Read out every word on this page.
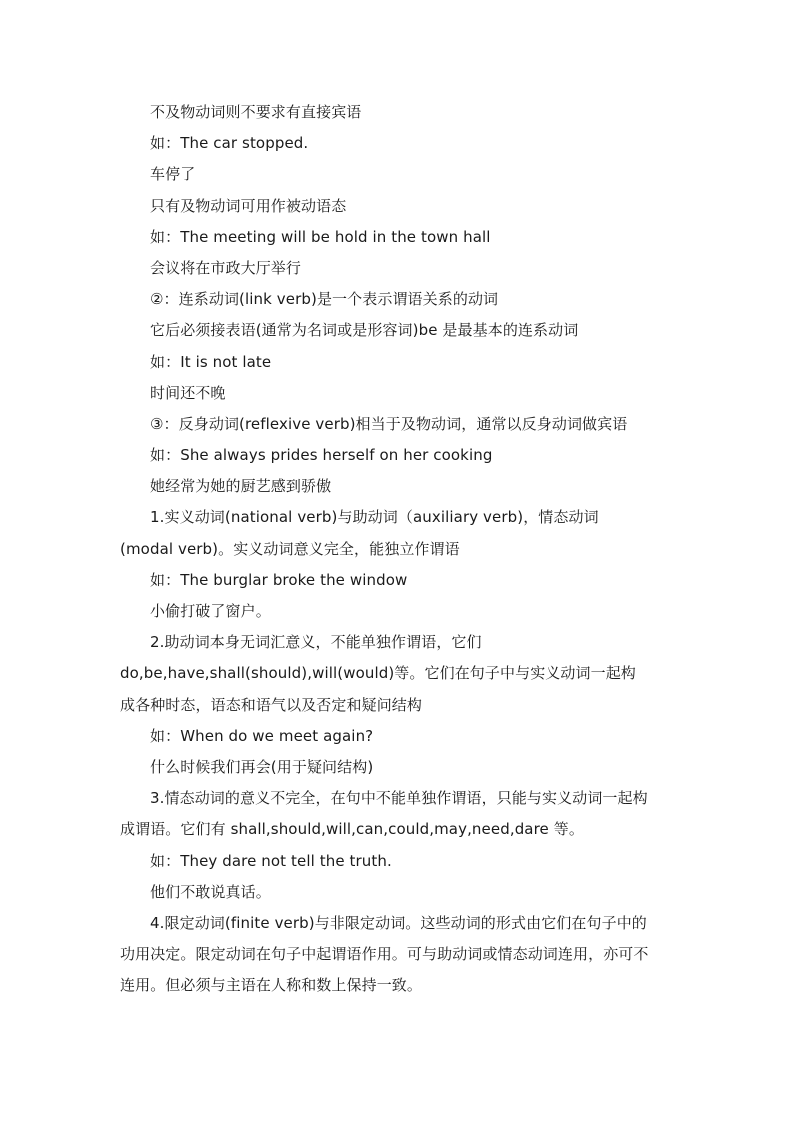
不及物动词则不要求有直接宾语
如：The car stopped.
车停了
只有及物动词可用作被动语态
如：The meeting will be hold in the town hall
会议将在市政大厅举行
②：连系动词(link verb)是一个表示谓语关系的动词
它后必须接表语(通常为名词或是形容词)be 是最基本的连系动词
如：It is not late
时间还不晚
③：反身动词(reflexive verb)相当于及物动词，通常以反身动词做宾语
如：She always prides herself on her cooking
她经常为她的厨艺感到骄傲
1.实义动词(national verb)与助动词（auxiliary verb)，情态动词
(modal verb)。实义动词意义完全，能独立作谓语
如：The burglar broke the window
小偷打破了窗户。
2.助动词本身无词汇意义，不能单独作谓语，它们
do,be,have,shall(should),will(would)等。它们在句子中与实义动词一起构
成各种时态，语态和语气以及否定和疑问结构
如：When do we meet again?
什么时候我们再会(用于疑问结构)
3.情态动词的意义不完全，在句中不能单独作谓语，只能与实义动词一起构
成谓语。它们有 shall,should,will,can,could,may,need,dare 等。
如：They dare not tell the truth.
他们不敢说真话。
4.限定动词(finite verb)与非限定动词。这些动词的形式由它们在句子中的
功用决定。限定动词在句子中起谓语作用。可与助动词或情态动词连用，亦可不
连用。但必须与主语在人称和数上保持一致。
